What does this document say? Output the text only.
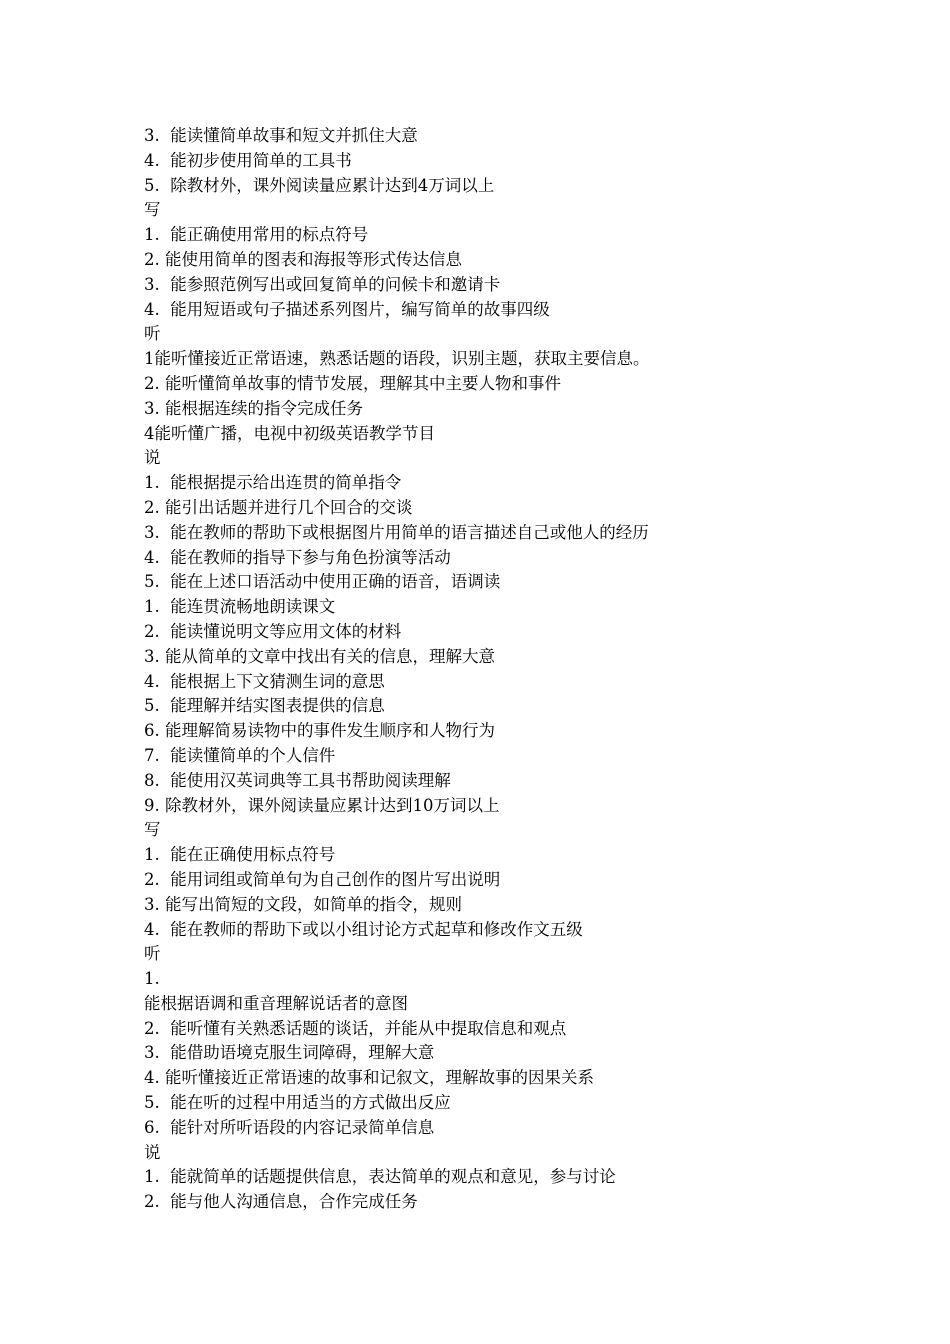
3.  能读懂简单故事和短文并抓住大意
4.  能初步使用简单的工具书
5.  除教材外，课外阅读量应累计达到4万词以上
写
1.  能正确使用常用的标点符号
2. 能使用简单的图表和海报等形式传达信息
3.  能参照范例写出或回复简单的问候卡和邀请卡
4.  能用短语或句子描述系列图片，编写简单的故事四级
听
1能听懂接近正常语速，熟悉话题的语段，识别主题，获取主要信息。
2. 能听懂简单故事的情节发展，理解其中主要人物和事件
3. 能根据连续的指令完成任务
4能听懂广播，电视中初级英语教学节目
说
1.  能根据提示给出连贯的简单指令
2. 能引出话题并进行几个回合的交谈
3.  能在教师的帮助下或根据图片用简单的语言描述自己或他人的经历
4.  能在教师的指导下参与角色扮演等活动
5.  能在上述口语活动中使用正确的语音，语调读
1.  能连贯流畅地朗读课文
2.  能读懂说明文等应用文体的材料
3. 能从简单的文章中找出有关的信息，理解大意
4.  能根据上下文猜测生词的意思
5.  能理解并结实图表提供的信息
6. 能理解简易读物中的事件发生顺序和人物行为
7.  能读懂简单的个人信件
8.  能使用汉英词典等工具书帮助阅读理解
9. 除教材外，课外阅读量应累计达到10万词以上
写
1.  能在正确使用标点符号
2.  能用词组或简单句为自己创作的图片写出说明
3. 能写出简短的文段，如简单的指令，规则
4.  能在教师的帮助下或以小组讨论方式起草和修改作文五级
听
1.
能根据语调和重音理解说话者的意图
2.  能听懂有关熟悉话题的谈话，并能从中提取信息和观点
3.  能借助语境克服生词障碍，理解大意
4. 能听懂接近正常语速的故事和记叙文，理解故事的因果关系
5.  能在听的过程中用适当的方式做出反应
6.  能针对所听语段的内容记录简单信息
说
1.  能就简单的话题提供信息，表达简单的观点和意见，参与讨论
2.  能与他人沟通信息，合作完成任务
